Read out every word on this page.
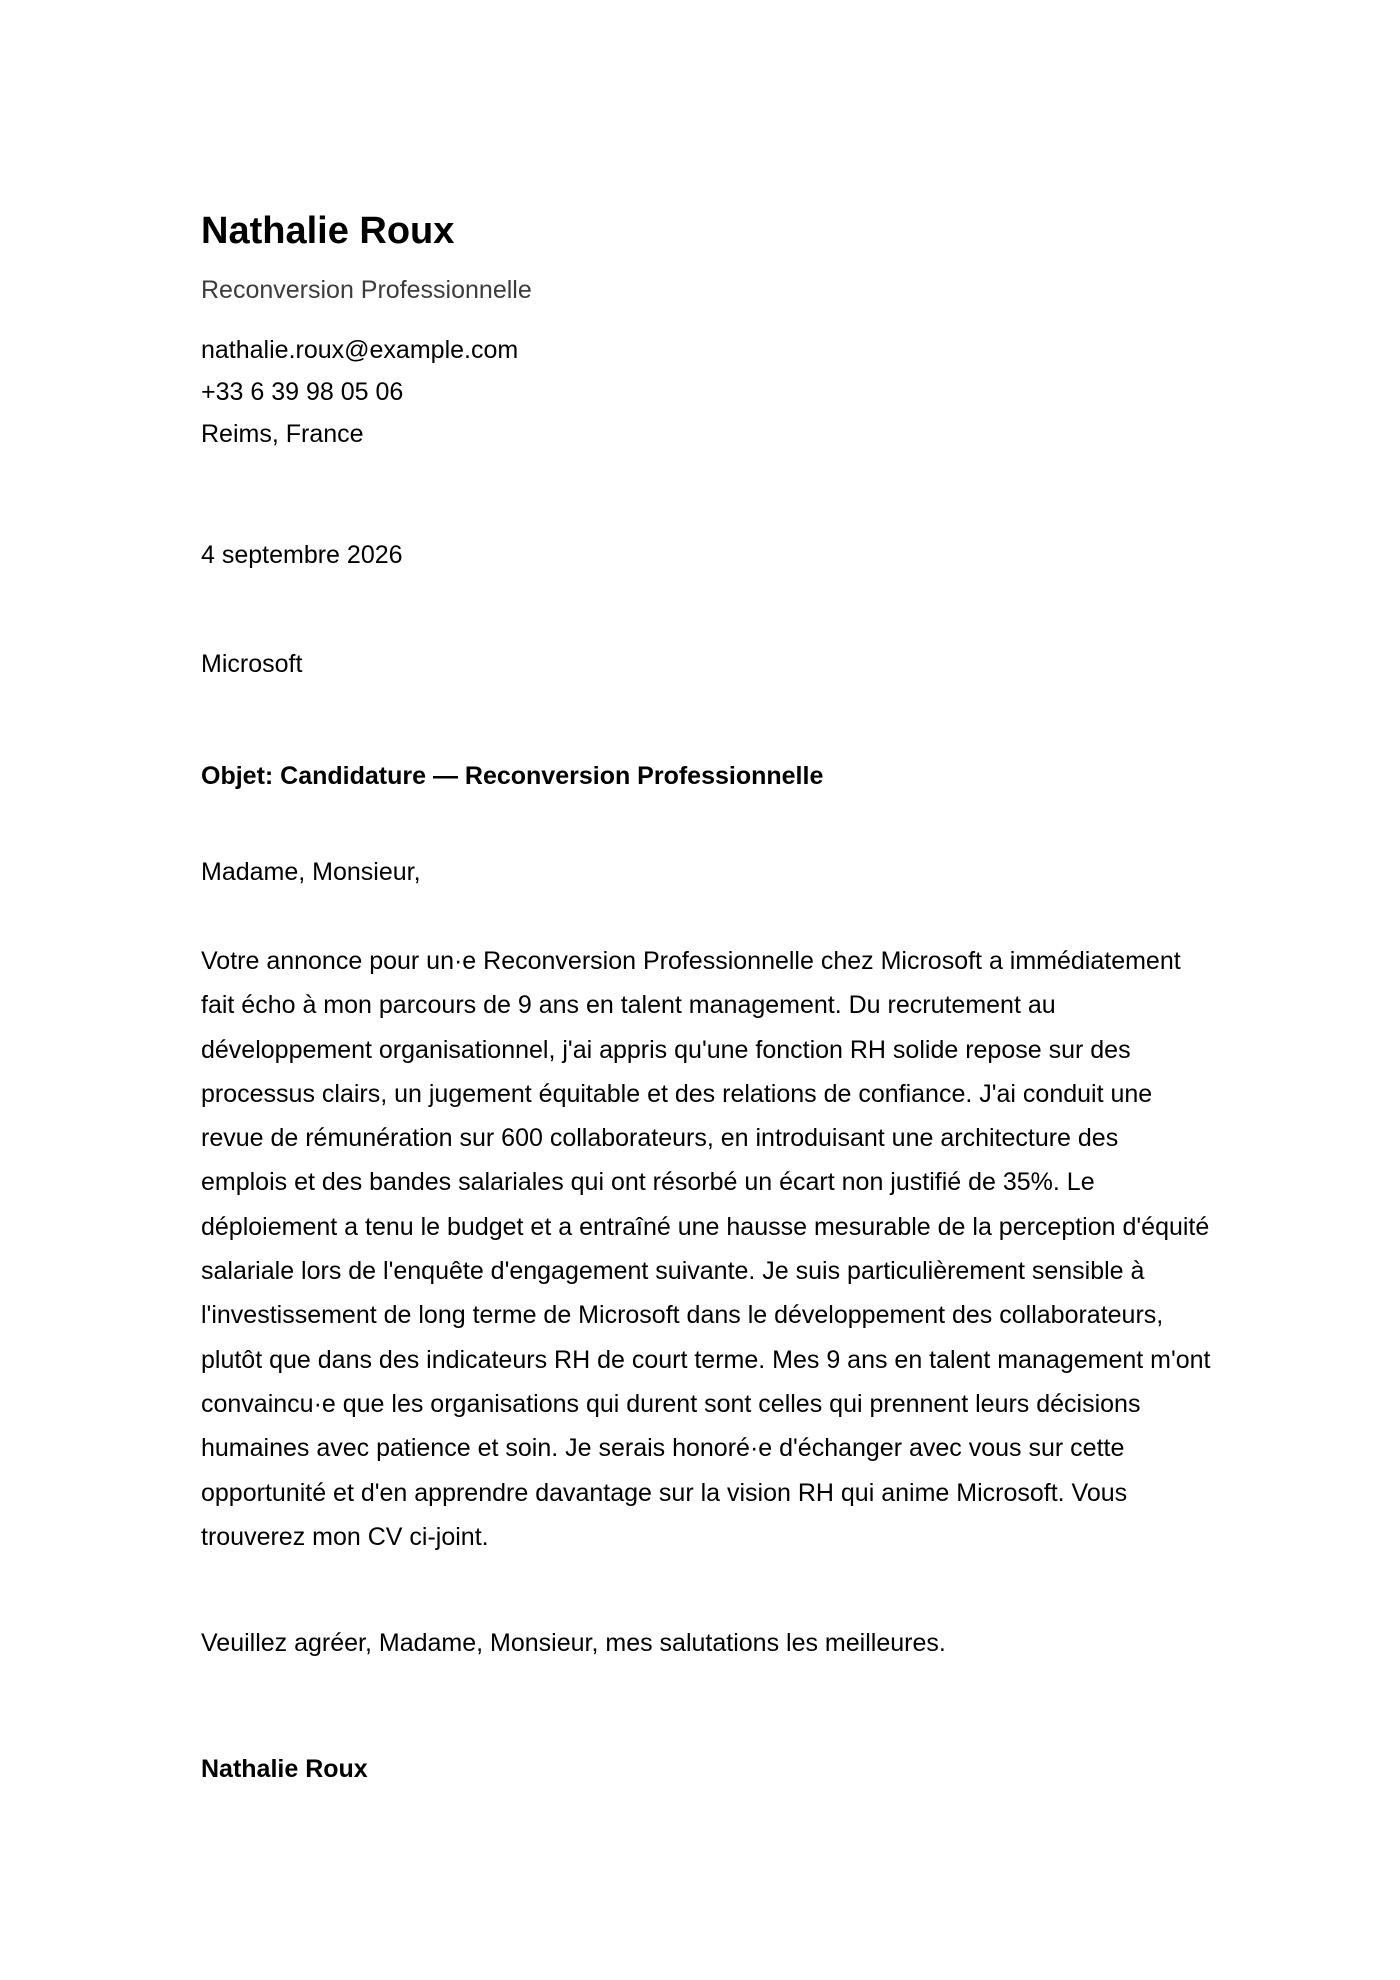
Nathalie Roux
Reconversion Professionnelle
nathalie.roux@example.com
+33 6 39 98 05 06
Reims, France
4 septembre 2026
Microsoft
Objet: Candidature — Reconversion Professionnelle
Madame, Monsieur,

Votre annonce pour un·e Reconversion Professionnelle chez Microsoft a immédiatement fait écho à mon parcours de 9 ans en talent management. Du recrutement au développement organisationnel, j'ai appris qu'une fonction RH solide repose sur des processus clairs, un jugement équitable et des relations de confiance. J'ai conduit une revue de rémunération sur 600 collaborateurs, en introduisant une architecture des emplois et des bandes salariales qui ont résorbé un écart non justifié de 35%. Le déploiement a tenu le budget et a entraîné une hausse mesurable de la perception d'équité salariale lors de l'enquête d'engagement suivante. Je suis particulièrement sensible à l'investissement de long terme de Microsoft dans le développement des collaborateurs, plutôt que dans des indicateurs RH de court terme. Mes 9 ans en talent management m'ont convaincu·e que les organisations qui durent sont celles qui prennent leurs décisions humaines avec patience et soin. Je serais honoré·e d'échanger avec vous sur cette opportunité et d'en apprendre davantage sur la vision RH qui anime Microsoft. Vous trouverez mon CV ci-joint.

Veuillez agréer, Madame, Monsieur, mes salutations les meilleures.
Nathalie Roux
